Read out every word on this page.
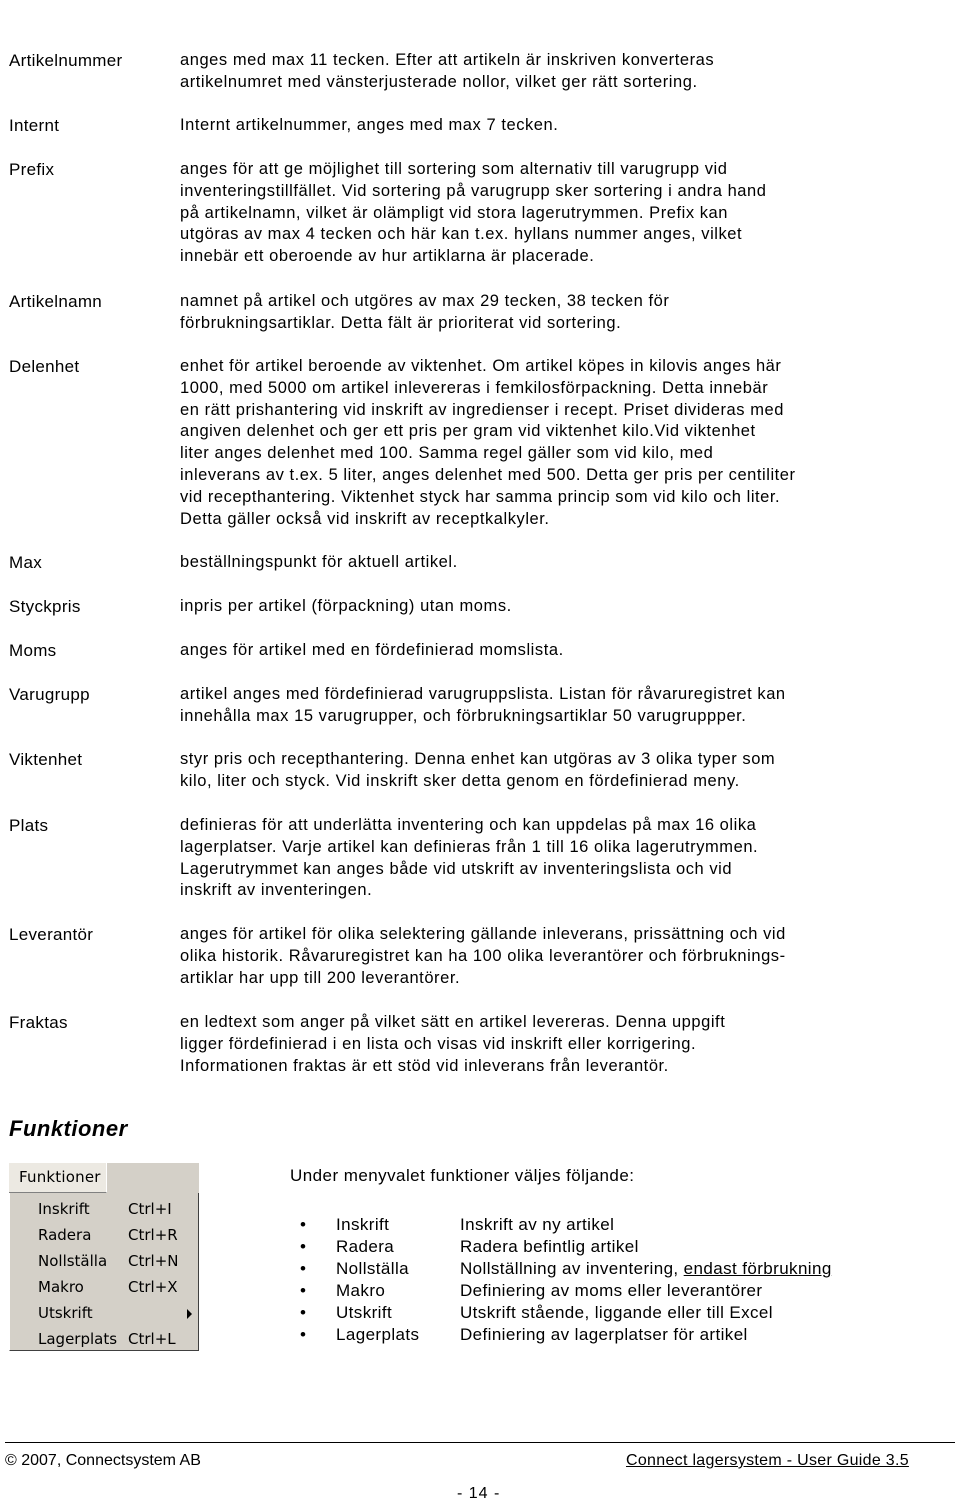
Artikelnummer	anges med max 11 tecken. Efter att artikeln är inskriven konverteras
artikelnumret med vänsterjusterade nollor, vilket ger rätt sortering.
Internt	Internt artikelnummer, anges med max 7 tecken.
Prefix	anges för att ge möjlighet till sortering som alternativ till varugrupp vid
inventeringstillfället. Vid sortering på varugrupp sker sortering i andra hand
på artikelnamn, vilket är olämpligt vid stora lagerutrymmen. Prefix kan
utgöras av max 4 tecken och här kan t.ex. hyllans nummer anges, vilket
innebär ett oberoende av hur artiklarna är placerade.
Artikelnamn	namnet på artikel och utgöres av max 29 tecken, 38 tecken för
förbrukningsartiklar. Detta fält är prioriterat vid sortering.
Delenhet	enhet för artikel beroende av viktenhet. Om artikel köpes in kilovis anges här
1000, med 5000 om artikel inlevereras i femkilosförpackning. Detta innebär
en rätt prishantering vid inskrift av ingredienser i recept. Priset divideras med
angiven delenhet och ger ett pris per gram vid viktenhet kilo.Vid viktenhet
liter anges delenhet med 100. Samma regel gäller som vid kilo, med
inleverans av t.ex. 5 liter, anges delenhet med 500. Detta ger pris per centiliter
vid recepthantering. Viktenhet styck har samma princip som vid kilo och liter.
Detta gäller också vid inskrift av receptkalkyler.
Max	beställningspunkt för aktuell artikel.
Styckpris	inpris per artikel (förpackning) utan moms.
Moms	anges för artikel med en fördefinierad momslista.
Varugrupp	artikel anges med fördefinierad varugruppslista. Listan för råvaruregistret kan
innehålla max 15 varugrupper, och förbrukningsartiklar 50 varugruppper.
Viktenhet	styr pris och recepthantering. Denna enhet kan utgöras av 3 olika typer som
kilo, liter och styck. Vid inskrift sker detta genom en fördefinierad meny.
Plats	definieras för att underlätta inventering och kan uppdelas på max 16 olika
lagerplatser. Varje artikel kan definieras från 1 till 16 olika lagerutrymmen.
Lagerutrymmet kan anges både vid utskrift av inventeringslista och vid
inskrift av inventeringen.
Leverantör	anges för artikel för olika selektering gällande inleverans, prissättning och vid
olika historik. Råvaruregistret kan ha 100 olika leverantörer och förbruknings-
artiklar har upp till 200 leverantörer.
Fraktas	en ledtext som anger på vilket sätt en artikel levereras. Denna uppgift
ligger fördefinierad i en lista och visas vid inskrift eller korrigering.
Informationen fraktas är ett stöd vid inleverans från leverantör.
Funktioner
Funktioner
Inskrift	Ctrl+I
Radera Ctrl+R
Nollställa Ctrl+N
Makro	Ctrl+X
Utskrift
Lagerplats Ctrl+L
Under menyvalet funktioner väljes följande:
• Inskrift	Inskrift av ny artikel
• Radera	Radera befintlig artikel
• Nollställa	Nollställning av inventering, endast förbrukning
• Makro	Definiering av moms eller leverantörer
• Utskrift	Utskrift stående, liggande eller till Excel
• Lagerplats Definiering av lagerplatser för artikel
© 2007, Connectsystem AB	Connect lagersystem - User Guide 3.5
- 14 -
